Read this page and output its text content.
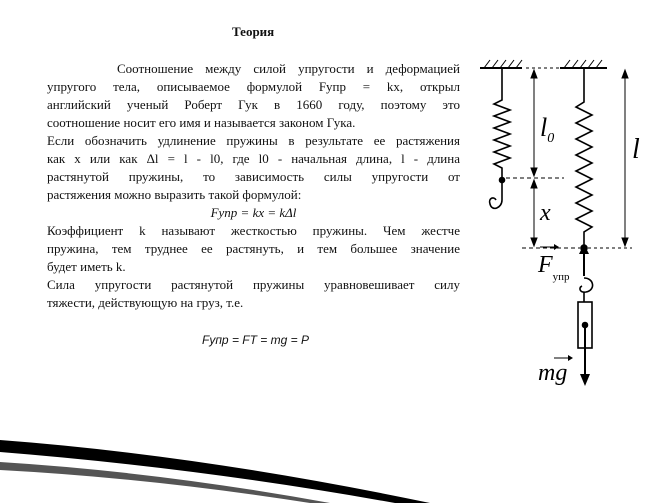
Теория
Соотношение между силой упругости и деформацией
упругого тела, описываемое формулой Fупр = kx, открыл
английский ученый Роберт Гук в 1660 году, поэтому это
соотношение носит его имя и называется законом Гука.
Если обозначить удлинение пружины в результате ее растяжения
как x или как Δl = l - l0, где l0 - начальная длина, l - длина
растянутой пружины, то зависимость силы упругости от
растяжения можно выразить такой формулой:
Fупр = kx = kΔl
Коэффициент k называют жесткостью пружины. Чем жестче
пружина, тем труднее ее растянуть, и тем большее значение
будет иметь k.
Сила упругости растянутой пружины уравновешивает силу
тяжести, действующую на груз, т.е.
Fупр = FT = mg = P
$l_0$	l
x
$F_{упр}$
mg
